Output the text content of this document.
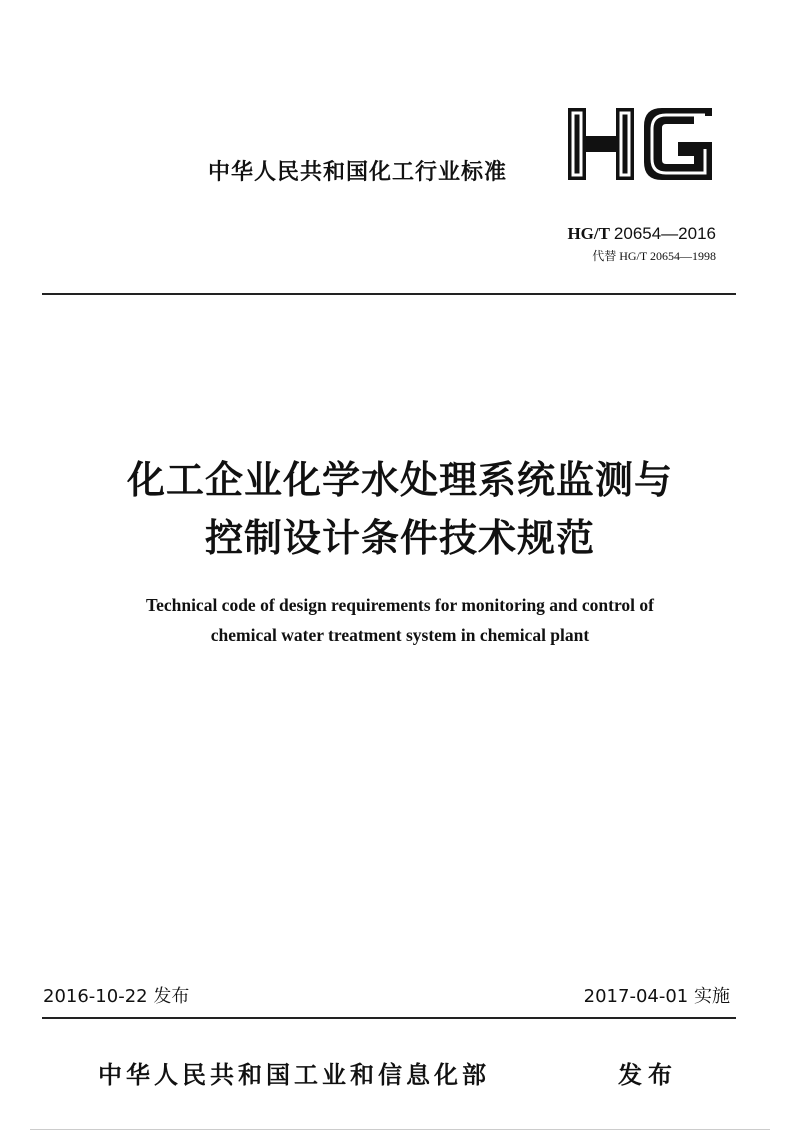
中华人民共和国化工行业标准
HG/T 20654—2016
代替 HG/T 20654—1998
化工企业化学水处理系统监测与
控制设计条件技术规范
Technical code of design requirements for monitoring and control of
chemical water treatment system in chemical plant
2016-10-22 发布	2017-04-01 实施
中华人民共和国工业和信息化部	发布
